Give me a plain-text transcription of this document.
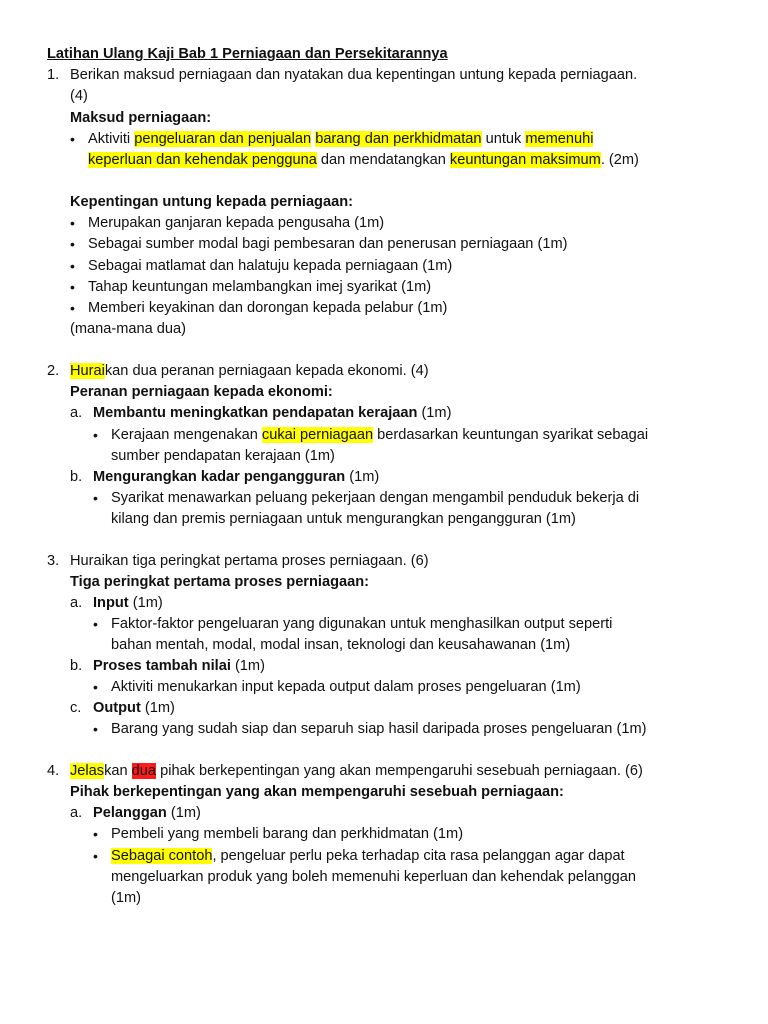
Latihan Ulang Kaji Bab 1 Perniagaan dan Persekitarannya
1. Berikan maksud perniagaan dan nyatakan dua kepentingan untung kepada perniagaan.
(4)
Maksud perniagaan:
• Aktiviti pengeluaran dan penjualan barang dan perkhidmatan untuk memenuhi
keperluan dan kehendak pengguna dan mendatangkan keuntungan maksimum. (2m)
Kepentingan untung kepada perniagaan:
• Merupakan ganjaran kepada pengusaha (1m)
• Sebagai sumber modal bagi pembesaran dan penerusan perniagaan (1m)
• Sebagai matlamat dan halatuju kepada perniagaan (1m)
• Tahap keuntungan melambangkan imej syarikat (1m)
• Memberi keyakinan dan dorongan kepada pelabur (1m)
(mana-mana dua)
2. Huraikan dua peranan perniagaan kepada ekonomi. (4)
Peranan perniagaan kepada ekonomi:
a. Membantu meningkatkan pendapatan kerajaan (1m)
• Kerajaan mengenakan cukai perniagaan berdasarkan keuntungan syarikat sebagai
sumber pendapatan kerajaan (1m)
b. Mengurangkan kadar pengangguran (1m)
• Syarikat menawarkan peluang pekerjaan dengan mengambil penduduk bekerja di
kilang dan premis perniagaan untuk mengurangkan pengangguran (1m)
3. Huraikan tiga peringkat pertama proses perniagaan. (6)
Tiga peringkat pertama proses perniagaan:
a. Input (1m)
• Faktor-faktor pengeluaran yang digunakan untuk menghasilkan output seperti
bahan mentah, modal, modal insan, teknologi dan keusahawanan (1m)
b. Proses tambah nilai (1m)
• Aktiviti menukarkan input kepada output dalam proses pengeluaran (1m)
c. Output (1m)
• Barang yang sudah siap dan separuh siap hasil daripada proses pengeluaran (1m)
4. Jelaskan dua pihak berkepentingan yang akan mempengaruhi sesebuah perniagaan. (6)
Pihak berkepentingan yang akan mempengaruhi sesebuah perniagaan:
a. Pelanggan (1m)
• Pembeli yang membeli barang dan perkhidmatan (1m)
• Sebagai contoh, pengeluar perlu peka terhadap cita rasa pelanggan agar dapat
mengeluarkan produk yang boleh memenuhi keperluan dan kehendak pelanggan
(1m)
